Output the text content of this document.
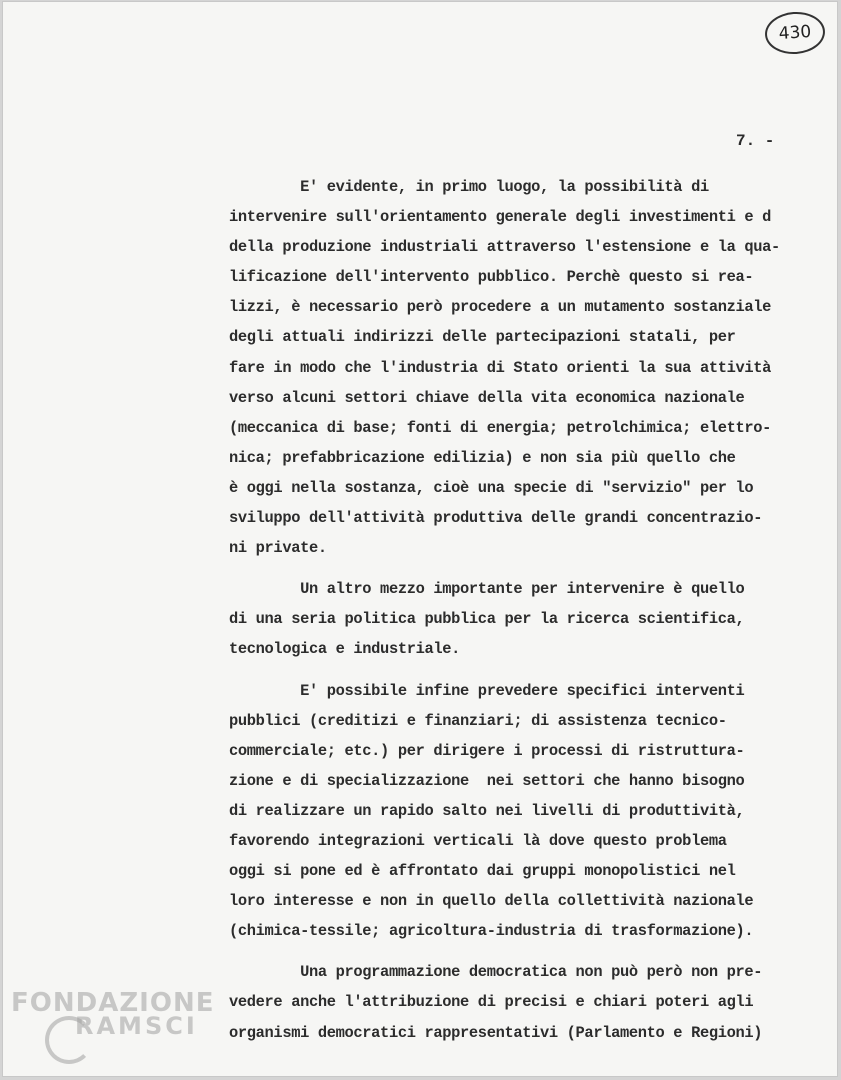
430
7. -
E' evidente, in primo luogo, la possibilità di
intervenire sull'orientamento generale degli investimenti e d
della produzione industriali attraverso l'estensione e la qua-
lificazione dell'intervento pubblico. Perchè questo si rea-
lizzi, è necessario però procedere a un mutamento sostanziale
degli attuali indirizzi delle partecipazioni statali, per
fare in modo che l'industria di Stato orienti la sua attività
verso alcuni settori chiave della vita economica nazionale
(meccanica di base; fonti di energia; petrolchimica; elettro-
nica; prefabbricazione edilizia) e non sia più quello che
è oggi nella sostanza, cioè una specie di "servizio" per lo
sviluppo dell'attività produttiva delle grandi concentrazio-
ni private.
Un altro mezzo importante per intervenire è quello
di una seria politica pubblica per la ricerca scientifica,
tecnologica e industriale.
E' possibile infine prevedere specifici interventi
pubblici (creditizi e finanziari; di assistenza tecnico-
commerciale; etc.) per dirigere i processi di ristruttura-
zione e di specializzazione  nei settori che hanno bisogno
di realizzare un rapido salto nei livelli di produttività,
favorendo integrazioni verticali là dove questo problema
oggi si pone ed è affrontato dai gruppi monopolistici nel
loro interesse e non in quello della collettività nazionale
(chimica-tessile; agricoltura-industria di trasformazione).
Una programmazione democratica non può però non pre-
vedere anche l'attribuzione di precisi e chiari poteri agli
organismi democratici rappresentativi (Parlamento e Regioni)
FONDAZIONE
RAMSCI
